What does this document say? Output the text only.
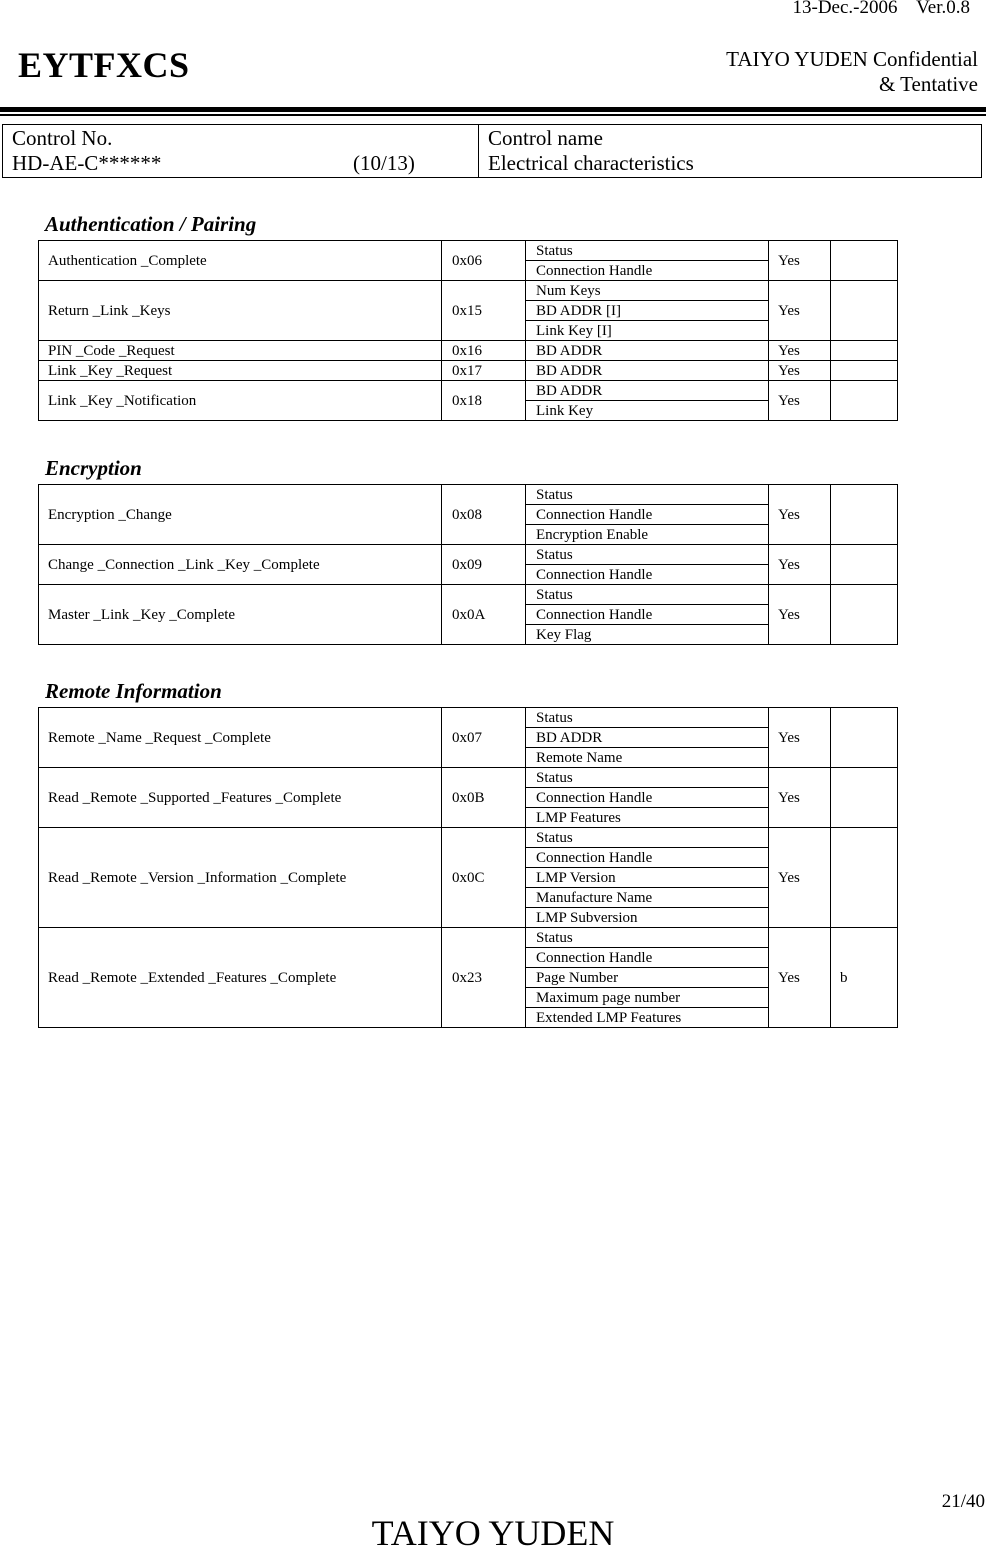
13-Dec.-2006 Ver.0.8
EYTFXCS	TAIYO YUDEN Confidential
& Tentative
Control No.
HD-AE-C******	(10/13)
Control name
Electrical characteristics
Authentication / Pairing
Encryption
Remote Information
Authentication _Complete	0x06	Status	Yes	
		Connection Handle		
Return _Link _Keys	0x15	Num Keys	Yes	
		BD ADDR [I]		
		Link Key [I]		
PIN _Code _Request	0x16	BD ADDR	Yes	
Link _Key _Request	0x17	BD ADDR	Yes	
Link _Key _Notification	0x18	BD ADDR	Yes	
		Link Key		
Encryption _Change	0x08	Status	Yes	
		Connection Handle		
		Encryption Enable		
Change _Connection _Link _Key _Complete	0x09	Status	Yes	
		Connection Handle		
Master _Link _Key _Complete	0x0A	Status	Yes	
		Connection Handle		
		Key Flag		
Remote _Name _Request _Complete	0x07	Status	Yes	
		BD ADDR		
		Remote Name		
Read _Remote _Supported _Features _Complete	0x0B	Status	Yes	
		Connection Handle		
		LMP Features		
Read _Remote _Version _Information _Complete	0x0C	Status	Yes	
		Connection Handle		
		LMP Version		
		Manufacture Name		
		LMP Subversion		
Read _Remote _Extended _Features _Complete	0x23	Status	Yes	b
		Connection Handle		
		Page Number		
		Maximum page number		
		Extended LMP Features		
21/40
TAIYO YUDEN
